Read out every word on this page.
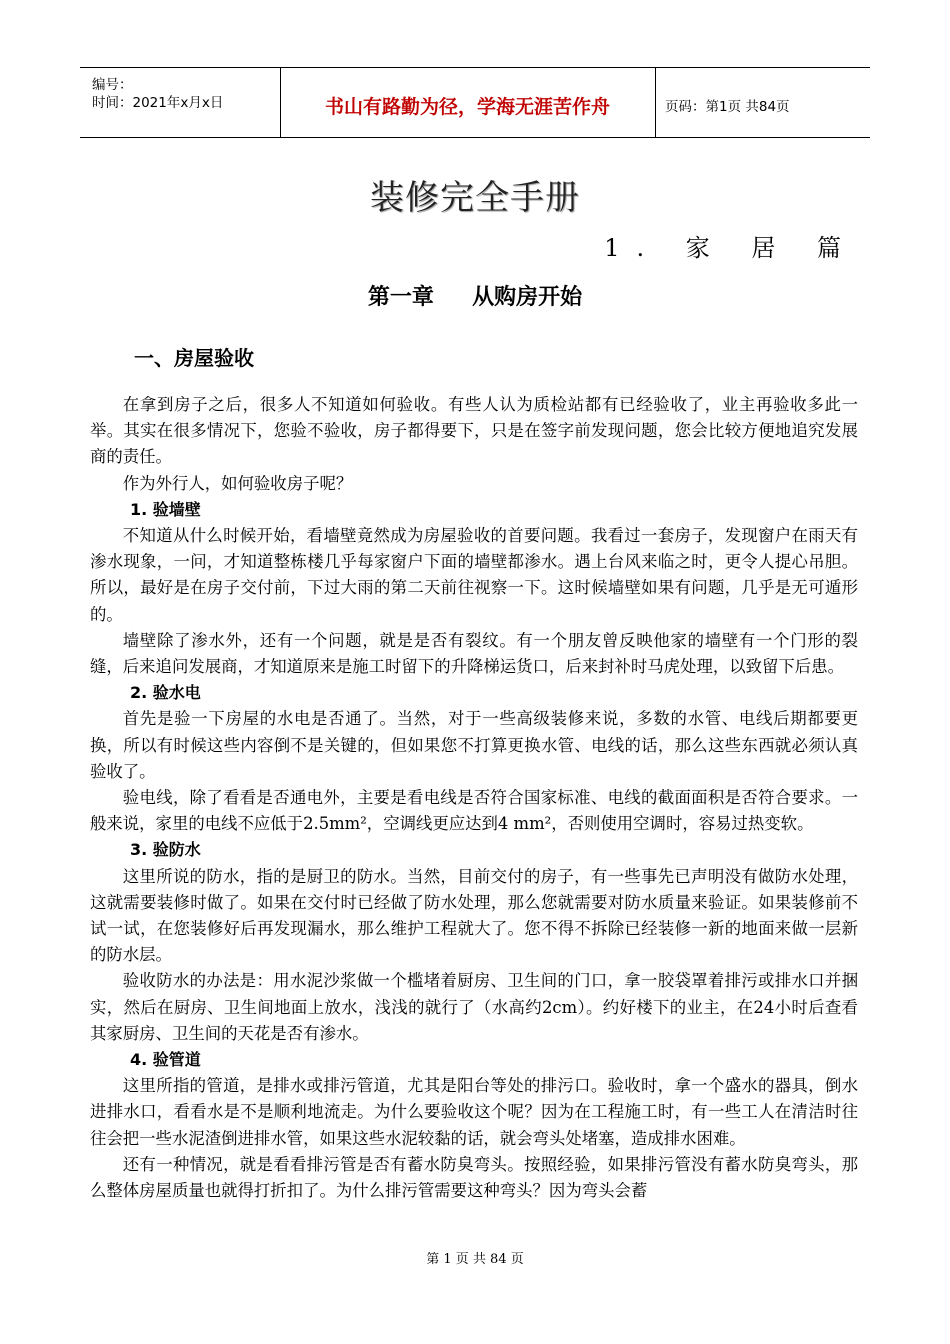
编号：
时间：2021年x月x日	书山有路勤为径，学海无涯苦作舟	页码：第1页 共84页
装修完全手册
1. 家 居 篇
第一章     从购房开始
一、房屋验收

在拿到房子之后，很多人不知道如何验收。有些人认为质检站都有已经验收了，业主再验收多此一举。其实在很多情况下，您验不验收，房子都得要下，只是在签字前发现问题，您会比较方便地追究发展商的责任。

作为外行人，如何验收房子呢？

1. 验墙壁

不知道从什么时候开始，看墙壁竟然成为房屋验收的首要问题。我看过一套房子，发现窗户在雨天有渗水现象，一问，才知道整栋楼几乎每家窗户下面的墙壁都渗水。遇上台风来临之时，更令人提心吊胆。所以，最好是在房子交付前，下过大雨的第二天前往视察一下。这时候墙壁如果有问题，几乎是无可遁形的。

墙壁除了渗水外，还有一个问题，就是是否有裂纹。有一个朋友曾反映他家的墙壁有一个门形的裂缝，后来追问发展商，才知道原来是施工时留下的升降梯运货口，后来封补时马虎处理，以致留下后患。

2. 验水电

首先是验一下房屋的水电是否通了。当然，对于一些高级装修来说，多数的水管、电线后期都要更换，所以有时候这些内容倒不是关键的，但如果您不打算更换水管、电线的话，那么这些东西就必须认真验收了。

验电线，除了看看是否通电外，主要是看电线是否符合国家标准、电线的截面面积是否符合要求。一般来说，家里的电线不应低于2.5mm²，空调线更应达到4 mm²，否则使用空调时，容易过热变软。

3. 验防水

这里所说的防水，指的是厨卫的防水。当然，目前交付的房子，有一些事先已声明没有做防水处理，这就需要装修时做了。如果在交付时已经做了防水处理，那么您就需要对防水质量来验证。如果装修前不试一试，在您装修好后再发现漏水，那么维护工程就大了。您不得不拆除已经装修一新的地面来做一层新的防水层。

验收防水的办法是：用水泥沙浆做一个槛堵着厨房、卫生间的门口，拿一胶袋罩着排污或排水口并捆实，然后在厨房、卫生间地面上放水，浅浅的就行了（水高约2cm）。约好楼下的业主，在24小时后查看其家厨房、卫生间的天花是否有渗水。

4. 验管道

这里所指的管道，是排水或排污管道，尤其是阳台等处的排污口。验收时，拿一个盛水的器具，倒水进排水口，看看水是不是顺利地流走。为什么要验收这个呢？因为在工程施工时，有一些工人在清洁时往往会把一些水泥渣倒进排水管，如果这些水泥较黏的话，就会弯头处堵塞，造成排水困难。

还有一种情况，就是看看排污管是否有蓄水防臭弯头。按照经验，如果排污管没有蓄水防臭弯头，那么整体房屋质量也就得打折扣了。为什么排污管需要这种弯头？因为弯头会蓄

第 1 页 共 84 页
